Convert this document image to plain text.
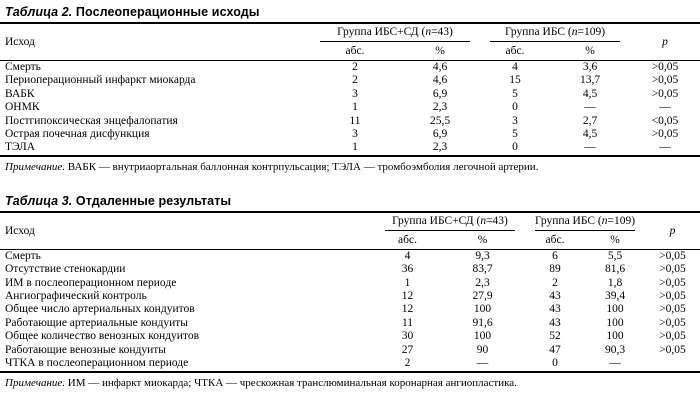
Таблица 2. Послеоперационные исходы
Исход	Группа ИБС+СД (n=43)		Группа ИБС (n=109)		p
	абс.	%	абс.	%	
Смерть	2	4,6	4	3,6	>0,05
Периоперационный инфаркт миокарда	2	4,6	15	13,7	>0,05
ВАБК	3	6,9	5	4,5	>0,05
ОНМК	1	2,3	0	—	—
Постгипоксическая энцефалопатия	11	25,5	3	2,7	<0,05
Острая почечная дисфункция	3	6,9	5	4,5	>0,05
ТЭЛА	1	2,3	0	—	—
Примечание. ВАБК — внутриаортальная баллонная контрпульсация; ТЭЛА — тромбоэмболия легочной артерии.
Таблица 3. Отдаленные результаты
Исход	Группа ИБС+СД (n=43)		Группа ИБС (n=109)		p
	абс.	%	абс.	%	
Смерть	4	9,3	6	5,5	>0,05
Отсутствие стенокардии	36	83,7	89	81,6	>0,05
ИМ в послеоперационном периоде	1	2,3	2	1,8	>0,05
Ангиографический контроль	12	27,9	43	39,4	>0,05
Общее число артериальных кондуитов	12	100	43	100	>0,05
Работающие артериальные кондуиты	11	91,6	43	100	>0,05
Общее количество венозных кондуитов	30	100	52	100	>0,05
Работающие венозные кондуиты	27	90	47	90,3	>0,05
ЧТКА в послеоперационном периоде	2	—	0	—	
Примечание. ИМ — инфаркт миокарда; ЧТКА — чрескожная транслюминальная коронарная ангиопластика.
